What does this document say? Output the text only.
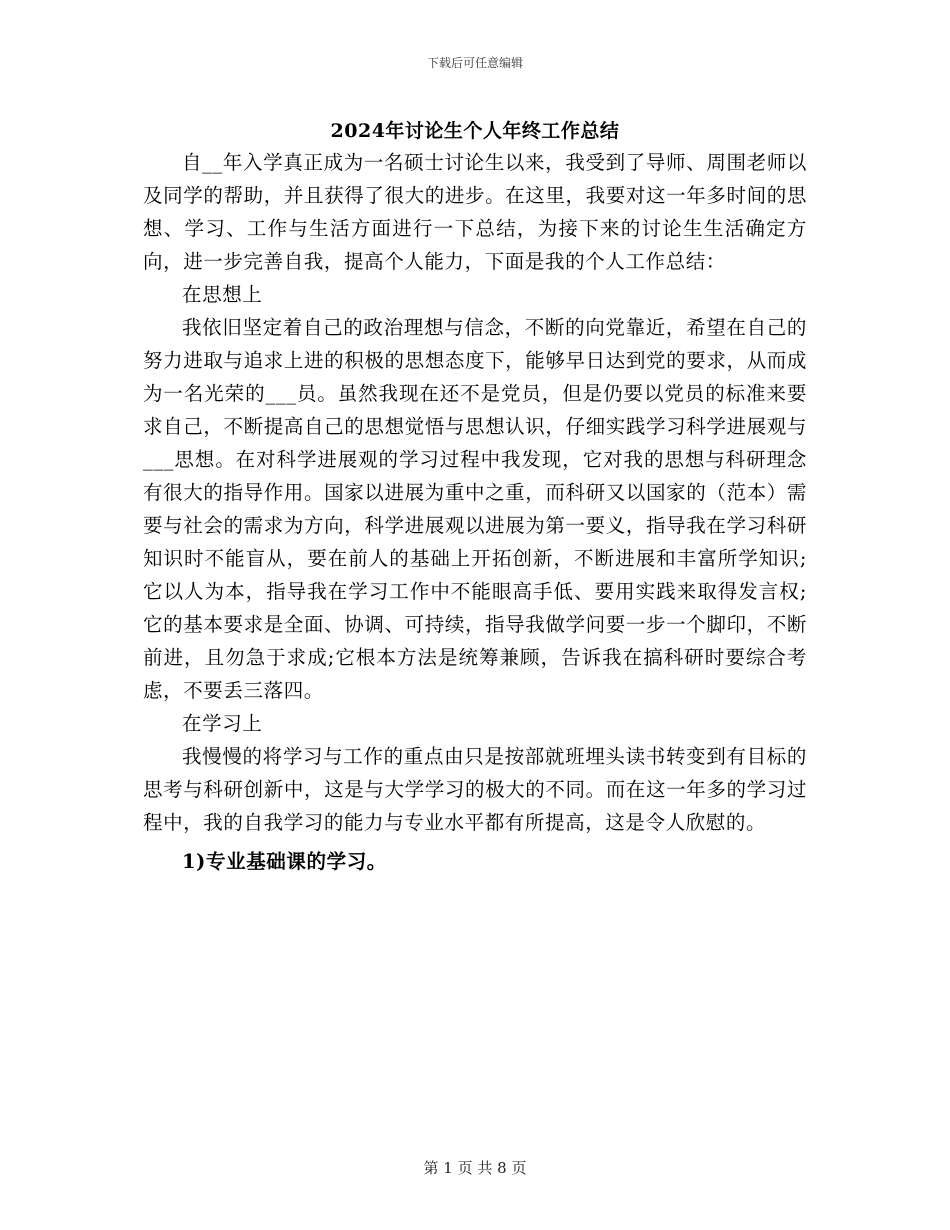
下载后可任意编辑
2024年讨论生个人年终工作总结

自__年入学真正成为一名硕士讨论生以来，我受到了导师、周围老师以及同学的帮助，并且获得了很大的进步。在这里，我要对这一年多时间的思想、学习、工作与生活方面进行一下总结，为接下来的讨论生生活确定方向，进一步完善自我，提高个人能力，下面是我的个人工作总结：

在思想上

我依旧坚定着自己的政治理想与信念，不断的向党靠近，希望在自己的努力进取与追求上进的积极的思想态度下，能够早日达到党的要求，从而成为一名光荣的___员。虽然我现在还不是党员，但是仍要以党员的标准来要求自己，不断提高自己的思想觉悟与思想认识，仔细实践学习科学进展观与___思想。在对科学进展观的学习过程中我发现，它对我的思想与科研理念有很大的指导作用。国家以进展为重中之重，而科研又以国家的（范本）需要与社会的需求为方向，科学进展观以进展为第一要义，指导我在学习科研知识时不能盲从，要在前人的基础上开拓创新，不断进展和丰富所学知识;它以人为本，指导我在学习工作中不能眼高手低、要用实践来取得发言权;它的基本要求是全面、协调、可持续，指导我做学问要一步一个脚印，不断前进，且勿急于求成;它根本方法是统筹兼顾，告诉我在搞科研时要综合考虑，不要丢三落四。

在学习上

我慢慢的将学习与工作的重点由只是按部就班埋头读书转变到有目标的思考与科研创新中，这是与大学学习的极大的不同。而在这一年多的学习过程中，我的自我学习的能力与专业水平都有所提高，这是令人欣慰的。

1)专业基础课的学习。

第 1 页 共 8 页
